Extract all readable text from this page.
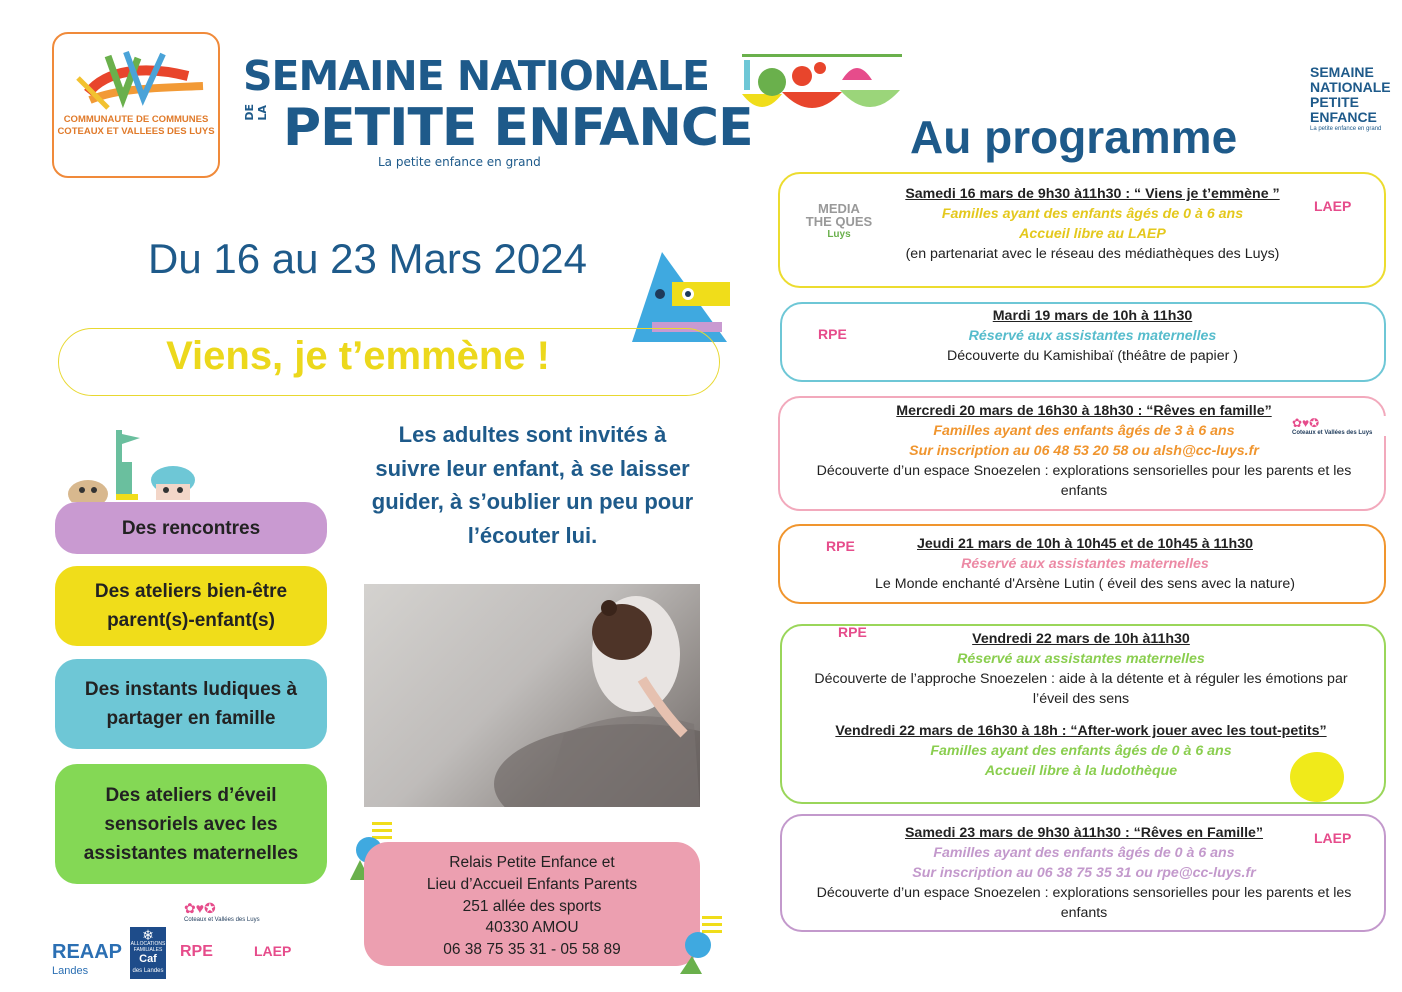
COMMUNAUTE DE COMMUNES
COTEAUX ET VALLEES DES LUYS
SEMAINE NATIONALE
DE LA PETITE ENFANCE
La petite enfance en grand
Du 16 au 23 Mars 2024
Viens, je t’emmène !
Des rencontres
Des ateliers bien-être parent(s)-enfant(s)
Des instants ludiques à partager en famille
Des ateliers d’éveil sensoriels avec les assistantes maternelles
Les adultes sont invités à suivre leur enfant, à se laisser guider, à s’oublier un peu pour l’écouter lui.
Relais Petite Enfance et
Lieu d’Accueil Enfants Parents
251 allée des sports
40330 AMOU
06 38 75 35 31 - 05 58 89
REAAP
Landes
❄
ALLOCATIONS FAMILIALES
Caf
des Landes
✿♥✪
Coteaux et Vallées des Luys
RPE	LAEP
Au programme
SEMAINE
NATIONALE
PETITE
ENFANCE
La petite enfance en grand
MEDIA THE QUES
Luys
LAEP
Samedi 16 mars de 9h30 à11h30 : “ Viens je t’emmène ”
Familles ayant des enfants âgés de 0 à 6 ans
Accueil libre au LAEP
(en partenariat avec le réseau des médiathèques des Luys)
RPE
Mardi 19 mars de 10h à 11h30
Réservé aux assistantes maternelles
Découverte du Kamishibaï (théâtre de papier )
✿♥✪
Coteaux et Vallées des Luys
Mercredi 20 mars de 16h30 à 18h30 : “Rêves en famille”
Familles ayant des enfants âgés de 3 à 6 ans
Sur inscription au 06 48 53 20 58 ou alsh@cc-luys.fr
Découverte d’un espace Snoezelen : explorations sensorielles pour les parents et les enfants
RPE	Jeudi 21 mars de 10h à 10h45 et de 10h45 à 11h30
Réservé aux assistantes maternelles
Le Monde enchanté d'Arsène Lutin ( éveil des sens avec la nature)
RPE	Vendredi 22 mars de 10h à11h30
Réservé aux assistantes maternelles
Découverte de l’approche Snoezelen : aide à la détente et à réguler les émotions par l’éveil des sens
Vendredi 22 mars de 16h30 à 18h : “After-work jouer avec les tout-petits”
Familles ayant des enfants âgés de 0 à 6 ans
Accueil libre à la ludothèque
LAEP
Samedi 23 mars de 9h30 à11h30 : “Rêves en Famille”
Familles ayant des enfants âgés de 0 à 6 ans
Sur inscription au 06 38 75 35 31 ou rpe@cc-luys.fr
Découverte d’un espace Snoezelen : explorations sensorielles pour les parents et les enfants
